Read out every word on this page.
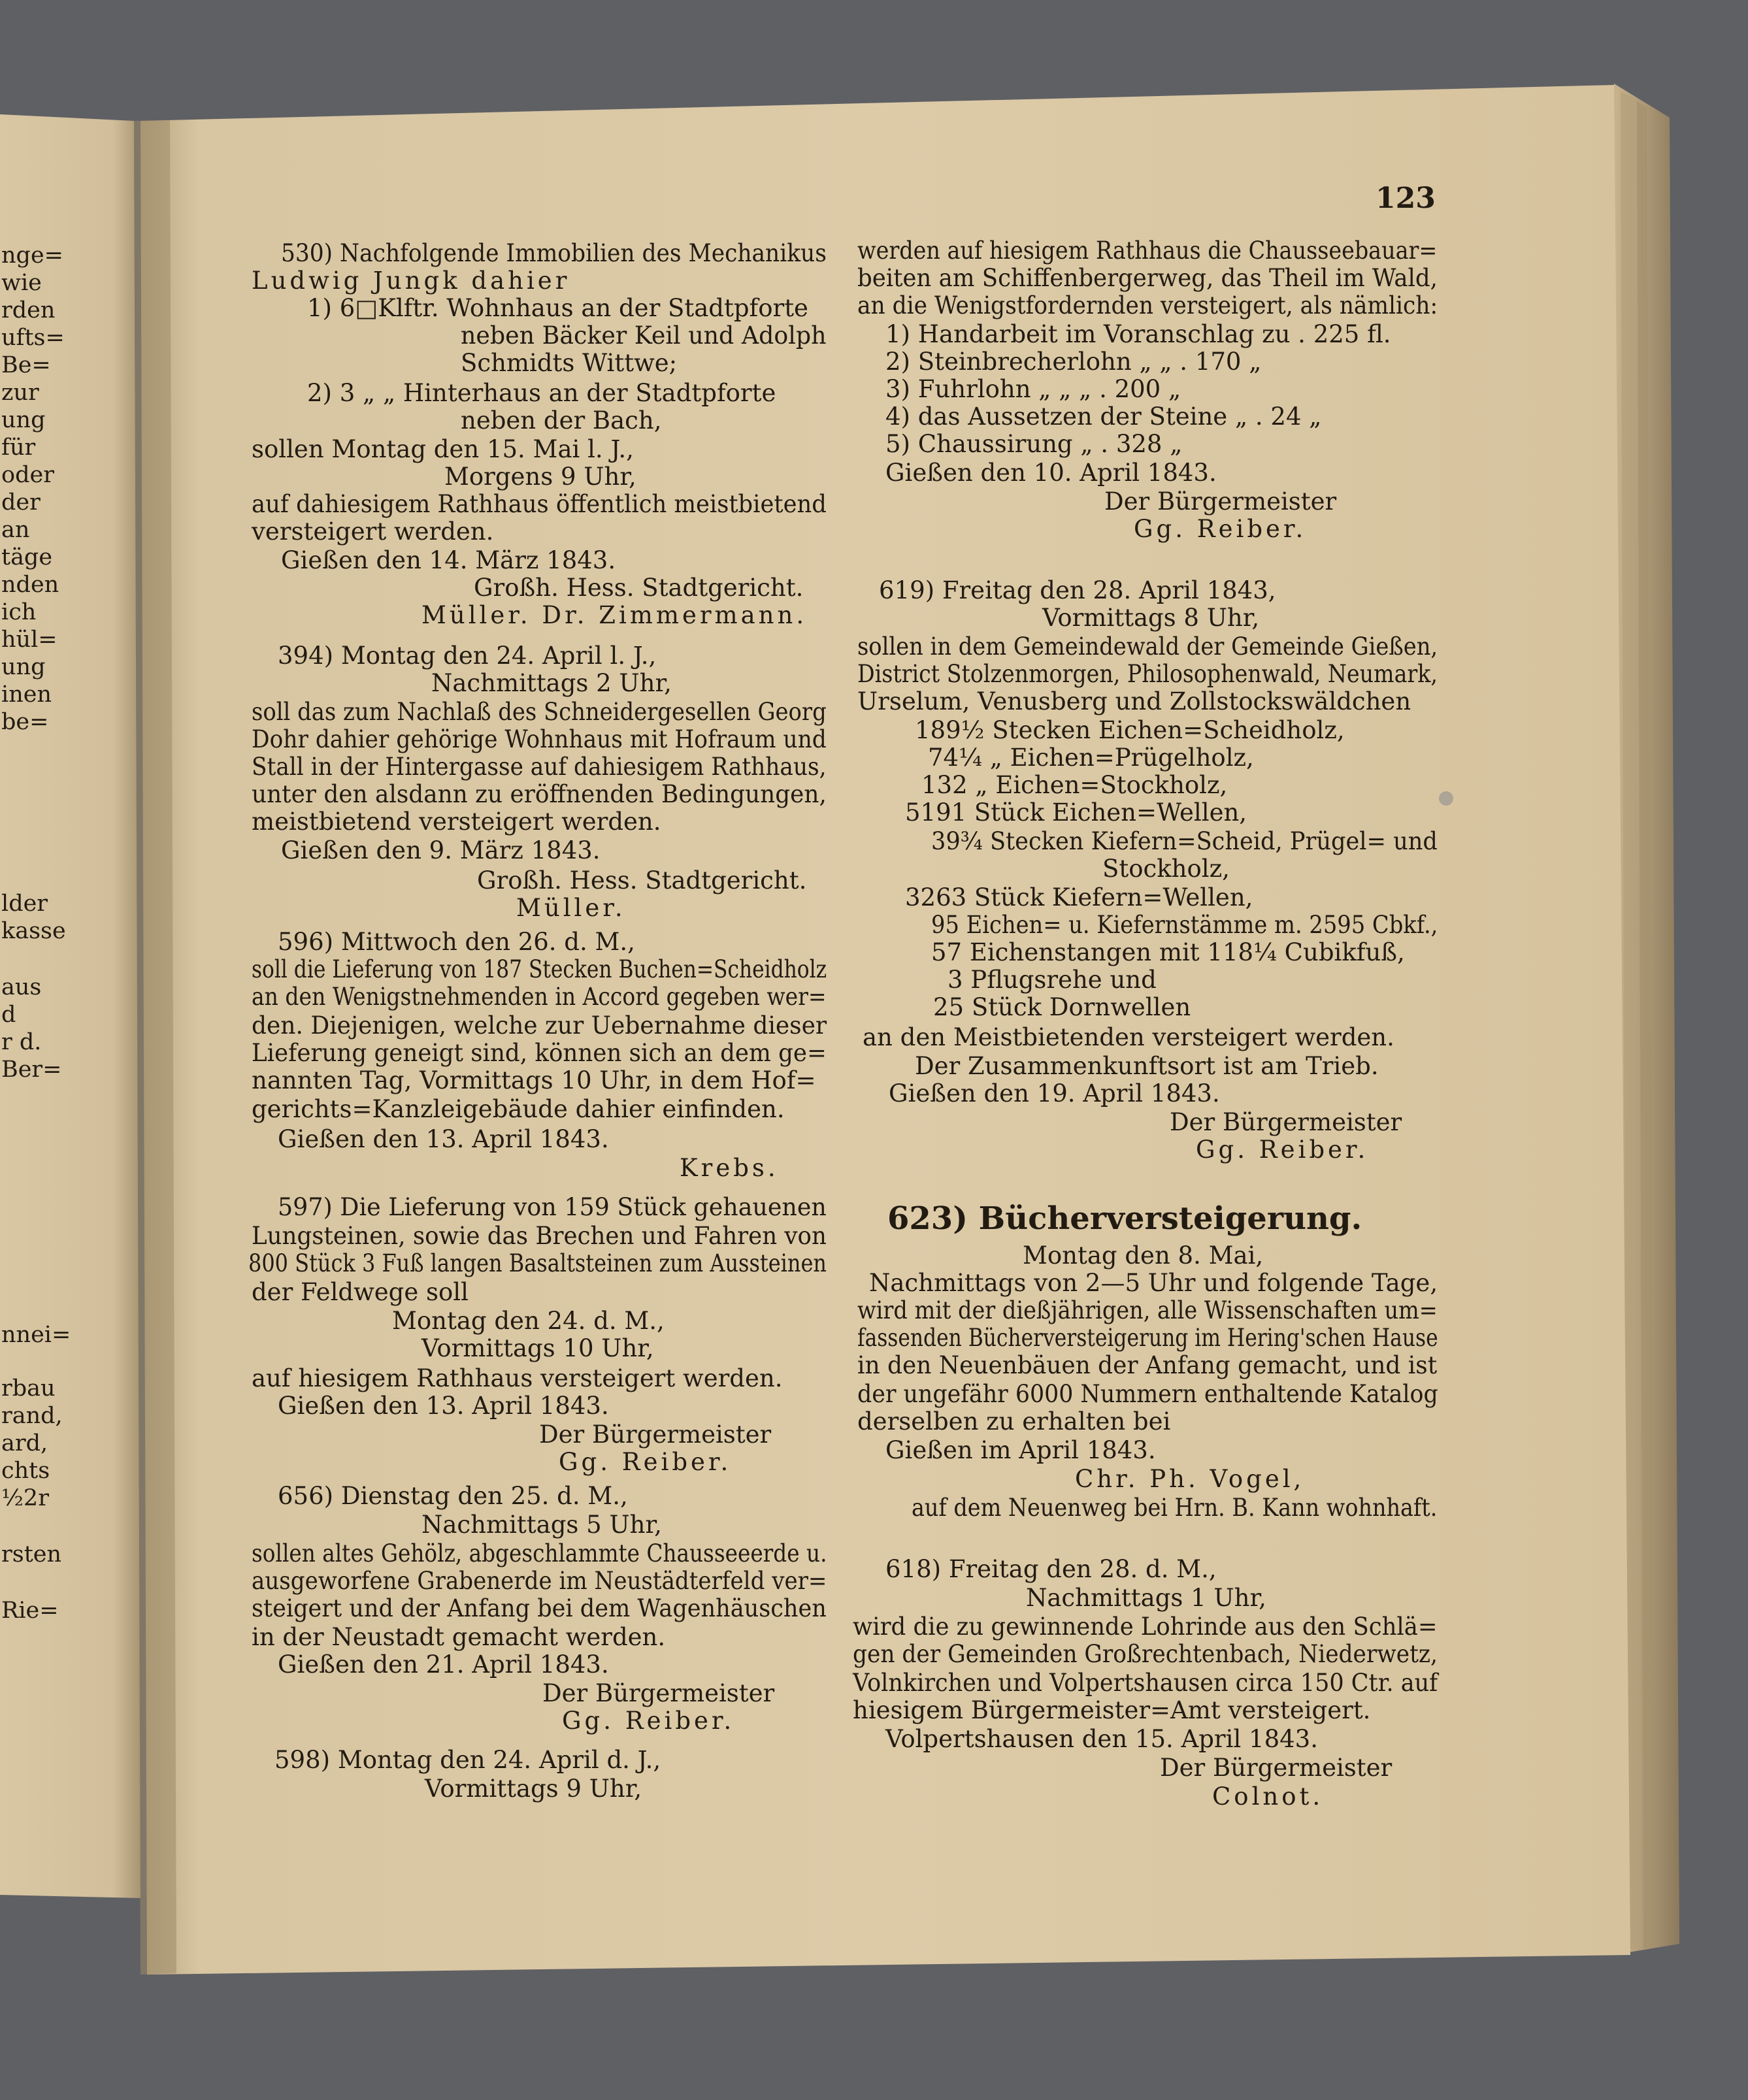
123
nge=
wie
rden
ufts=
Be=
zur
ung
für
oder
der
an
täge
nden
ich
hül=
ung
inen
be=
lder
kasse
aus
d
r d.
Ber=
nnei=
rbau
rand,
ard,
chts
½2r
rsten
Rie=
530) Nachfolgende Immobilien des Mechanikus
Ludwig Jungk dahier
1) 6□Klftr. Wohnhaus an der Stadtpforte
neben Bäcker Keil und Adolph
Schmidts Wittwe;
2) 3 „ „ Hinterhaus an der Stadtpforte
neben der Bach,
sollen Montag den 15. Mai l. J.,
Morgens 9 Uhr,
auf dahiesigem Rathhaus öffentlich meistbietend
versteigert werden.
Gießen den 14. März 1843.
Großh. Hess. Stadtgericht.
Müller. Dr. Zimmermann.
394) Montag den 24. April l. J.,
Nachmittags 2 Uhr,
soll das zum Nachlaß des Schneidergesellen Georg
Dohr dahier gehörige Wohnhaus mit Hofraum und
Stall in der Hintergasse auf dahiesigem Rathhaus,
unter den alsdann zu eröffnenden Bedingungen,
meistbietend versteigert werden.
Gießen den 9. März 1843.
Großh. Hess. Stadtgericht.
Müller.
596) Mittwoch den 26. d. M.,
soll die Lieferung von 187 Stecken Buchen=Scheidholz
an den Wenigstnehmenden in Accord gegeben wer=
den. Diejenigen, welche zur Uebernahme dieser
Lieferung geneigt sind, können sich an dem ge=
nannten Tag, Vormittags 10 Uhr, in dem Hof=
gerichts=Kanzleigebäude dahier einfinden.
Gießen den 13. April 1843.
Krebs.
597) Die Lieferung von 159 Stück gehauenen
Lungsteinen, sowie das Brechen und Fahren von
800 Stück 3 Fuß langen Basaltsteinen zum Aussteinen
der Feldwege soll
Montag den 24. d. M.,
Vormittags 10 Uhr,
auf hiesigem Rathhaus versteigert werden.
Gießen den 13. April 1843.
Der Bürgermeister
Gg. Reiber.
656) Dienstag den 25. d. M.,
Nachmittags 5 Uhr,
sollen altes Gehölz, abgeschlammte Chausseeerde u.
ausgeworfene Grabenerde im Neustädterfeld ver=
steigert und der Anfang bei dem Wagenhäuschen
in der Neustadt gemacht werden.
Gießen den 21. April 1843.
Der Bürgermeister
Gg. Reiber.
598) Montag den 24. April d. J.,
Vormittags 9 Uhr,
werden auf hiesigem Rathhaus die Chausseebauar=
beiten am Schiffenbergerweg, das Theil im Wald,
an die Wenigstfordernden versteigert, als nämlich:
1) Handarbeit im Voranschlag zu . 225 fl.
2) Steinbrecherlohn „ „ . 170 „
3) Fuhrlohn „ „ „ . 200 „
4) das Aussetzen der Steine „ . 24 „
5) Chaussirung „ . 328 „
Gießen den 10. April 1843.
Der Bürgermeister
Gg. Reiber.
619) Freitag den 28. April 1843,
Vormittags 8 Uhr,
sollen in dem Gemeindewald der Gemeinde Gießen,
District Stolzenmorgen, Philosophenwald, Neumark,
Urselum, Venusberg und Zollstockswäldchen
189½ Stecken Eichen=Scheidholz,
74¼ „ Eichen=Prügelholz,
132 „ Eichen=Stockholz,
5191 Stück Eichen=Wellen,
39¾ Stecken Kiefern=Scheid, Prügel= und
Stockholz,
3263 Stück Kiefern=Wellen,
95 Eichen= u. Kiefernstämme m. 2595 Cbkf.,
57 Eichenstangen mit 118¼ Cubikfuß,
3 Pflugsrehe und
25 Stück Dornwellen
an den Meistbietenden versteigert werden.
Der Zusammenkunftsort ist am Trieb.
Gießen den 19. April 1843.
Der Bürgermeister
Gg. Reiber.
623) Bücherversteigerung.
Montag den 8. Mai,
Nachmittags von 2—5 Uhr und folgende Tage,
wird mit der dießjährigen, alle Wissenschaften um=
fassenden Bücherversteigerung im Hering'schen Hause
in den Neuenbäuen der Anfang gemacht, und ist
der ungefähr 6000 Nummern enthaltende Katalog
derselben zu erhalten bei
Gießen im April 1843.
Chr. Ph. Vogel,
auf dem Neuenweg bei Hrn. B. Kann wohnhaft.
618) Freitag den 28. d. M.,
Nachmittags 1 Uhr,
wird die zu gewinnende Lohrinde aus den Schlä=
gen der Gemeinden Großrechtenbach, Niederwetz,
Volnkirchen und Volpertshausen circa 150 Ctr. auf
hiesigem Bürgermeister=Amt versteigert.
Volpertshausen den 15. April 1843.
Der Bürgermeister
Colnot.
